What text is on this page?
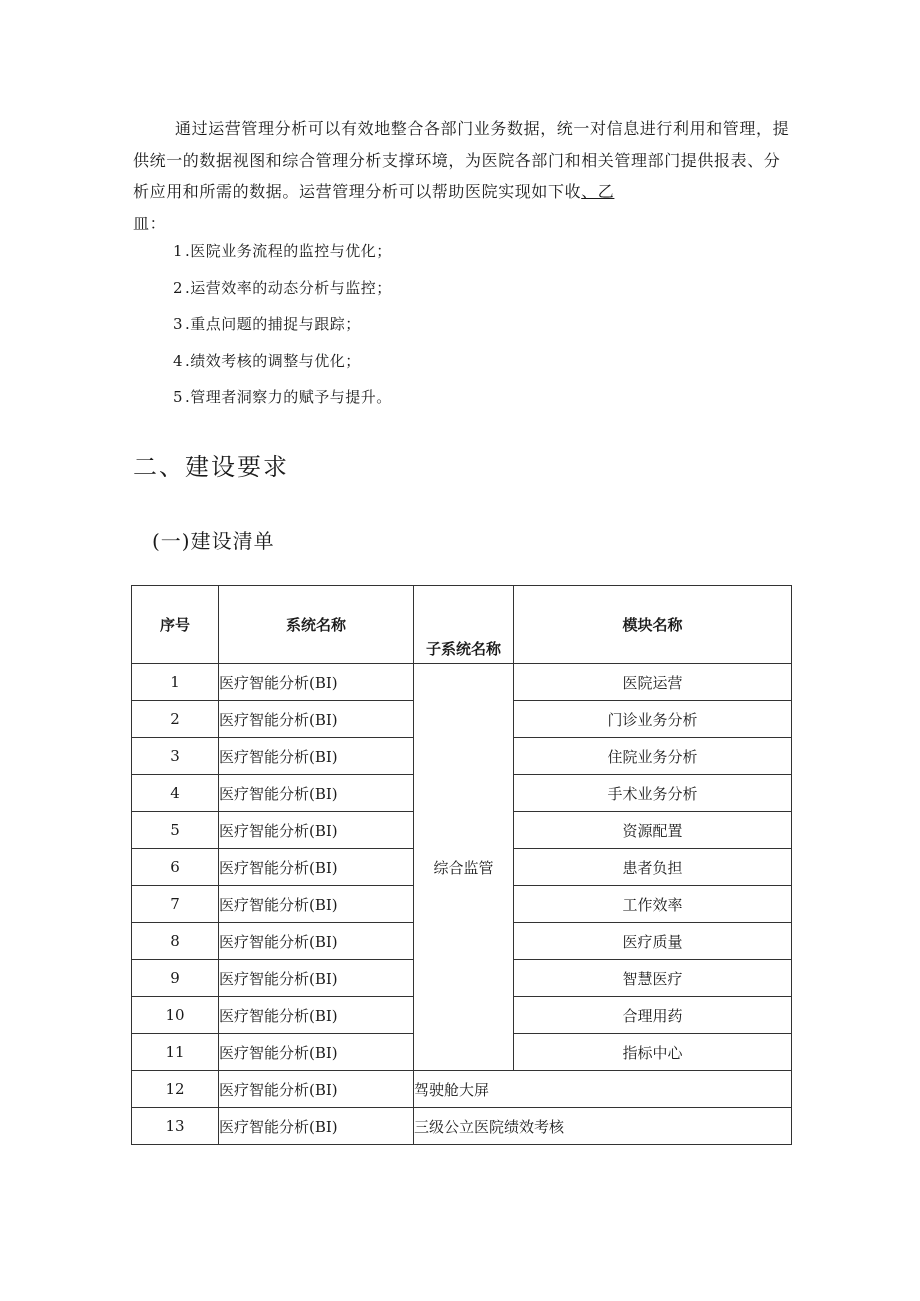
通过运营管理分析可以有效地整合各部门业务数据，统一对信息进行利用和管理，提供统一的数据视图和综合管理分析支撑环境，为医院各部门和相关管理部门提供报表、分析应用和所需的数据。运营管理分析可以帮助医院实现如下收、乙
皿：
1 .医院业务流程的监控与优化；
2 .运营效率的动态分析与监控；
3 .重点问题的捕捉与跟踪；
4 .绩效考核的调整与优化；
5 .管理者洞察力的赋予与提升。
二、建设要求
(一)建设清单
序号	系统名称	子系统名称	模块名称
1	医疗智能分析(BI)	综合监管	医院运营
2	医疗智能分析(BI)		门诊业务分析
3	医疗智能分析(BI)		住院业务分析
4	医疗智能分析(BI)		手术业务分析
5	医疗智能分析(BI)		资源配置
6	医疗智能分析(BI)		患者负担
7	医疗智能分析(BI)		工作效率
8	医疗智能分析(BI)		医疗质量
9	医疗智能分析(BI)		智慧医疗
10	医疗智能分析(BI)		合理用药
11	医疗智能分析(BI)		指标中心
12	医疗智能分析(BI)	驾驶舱大屏	
13	医疗智能分析(BI)	三级公立医院绩效考核	
